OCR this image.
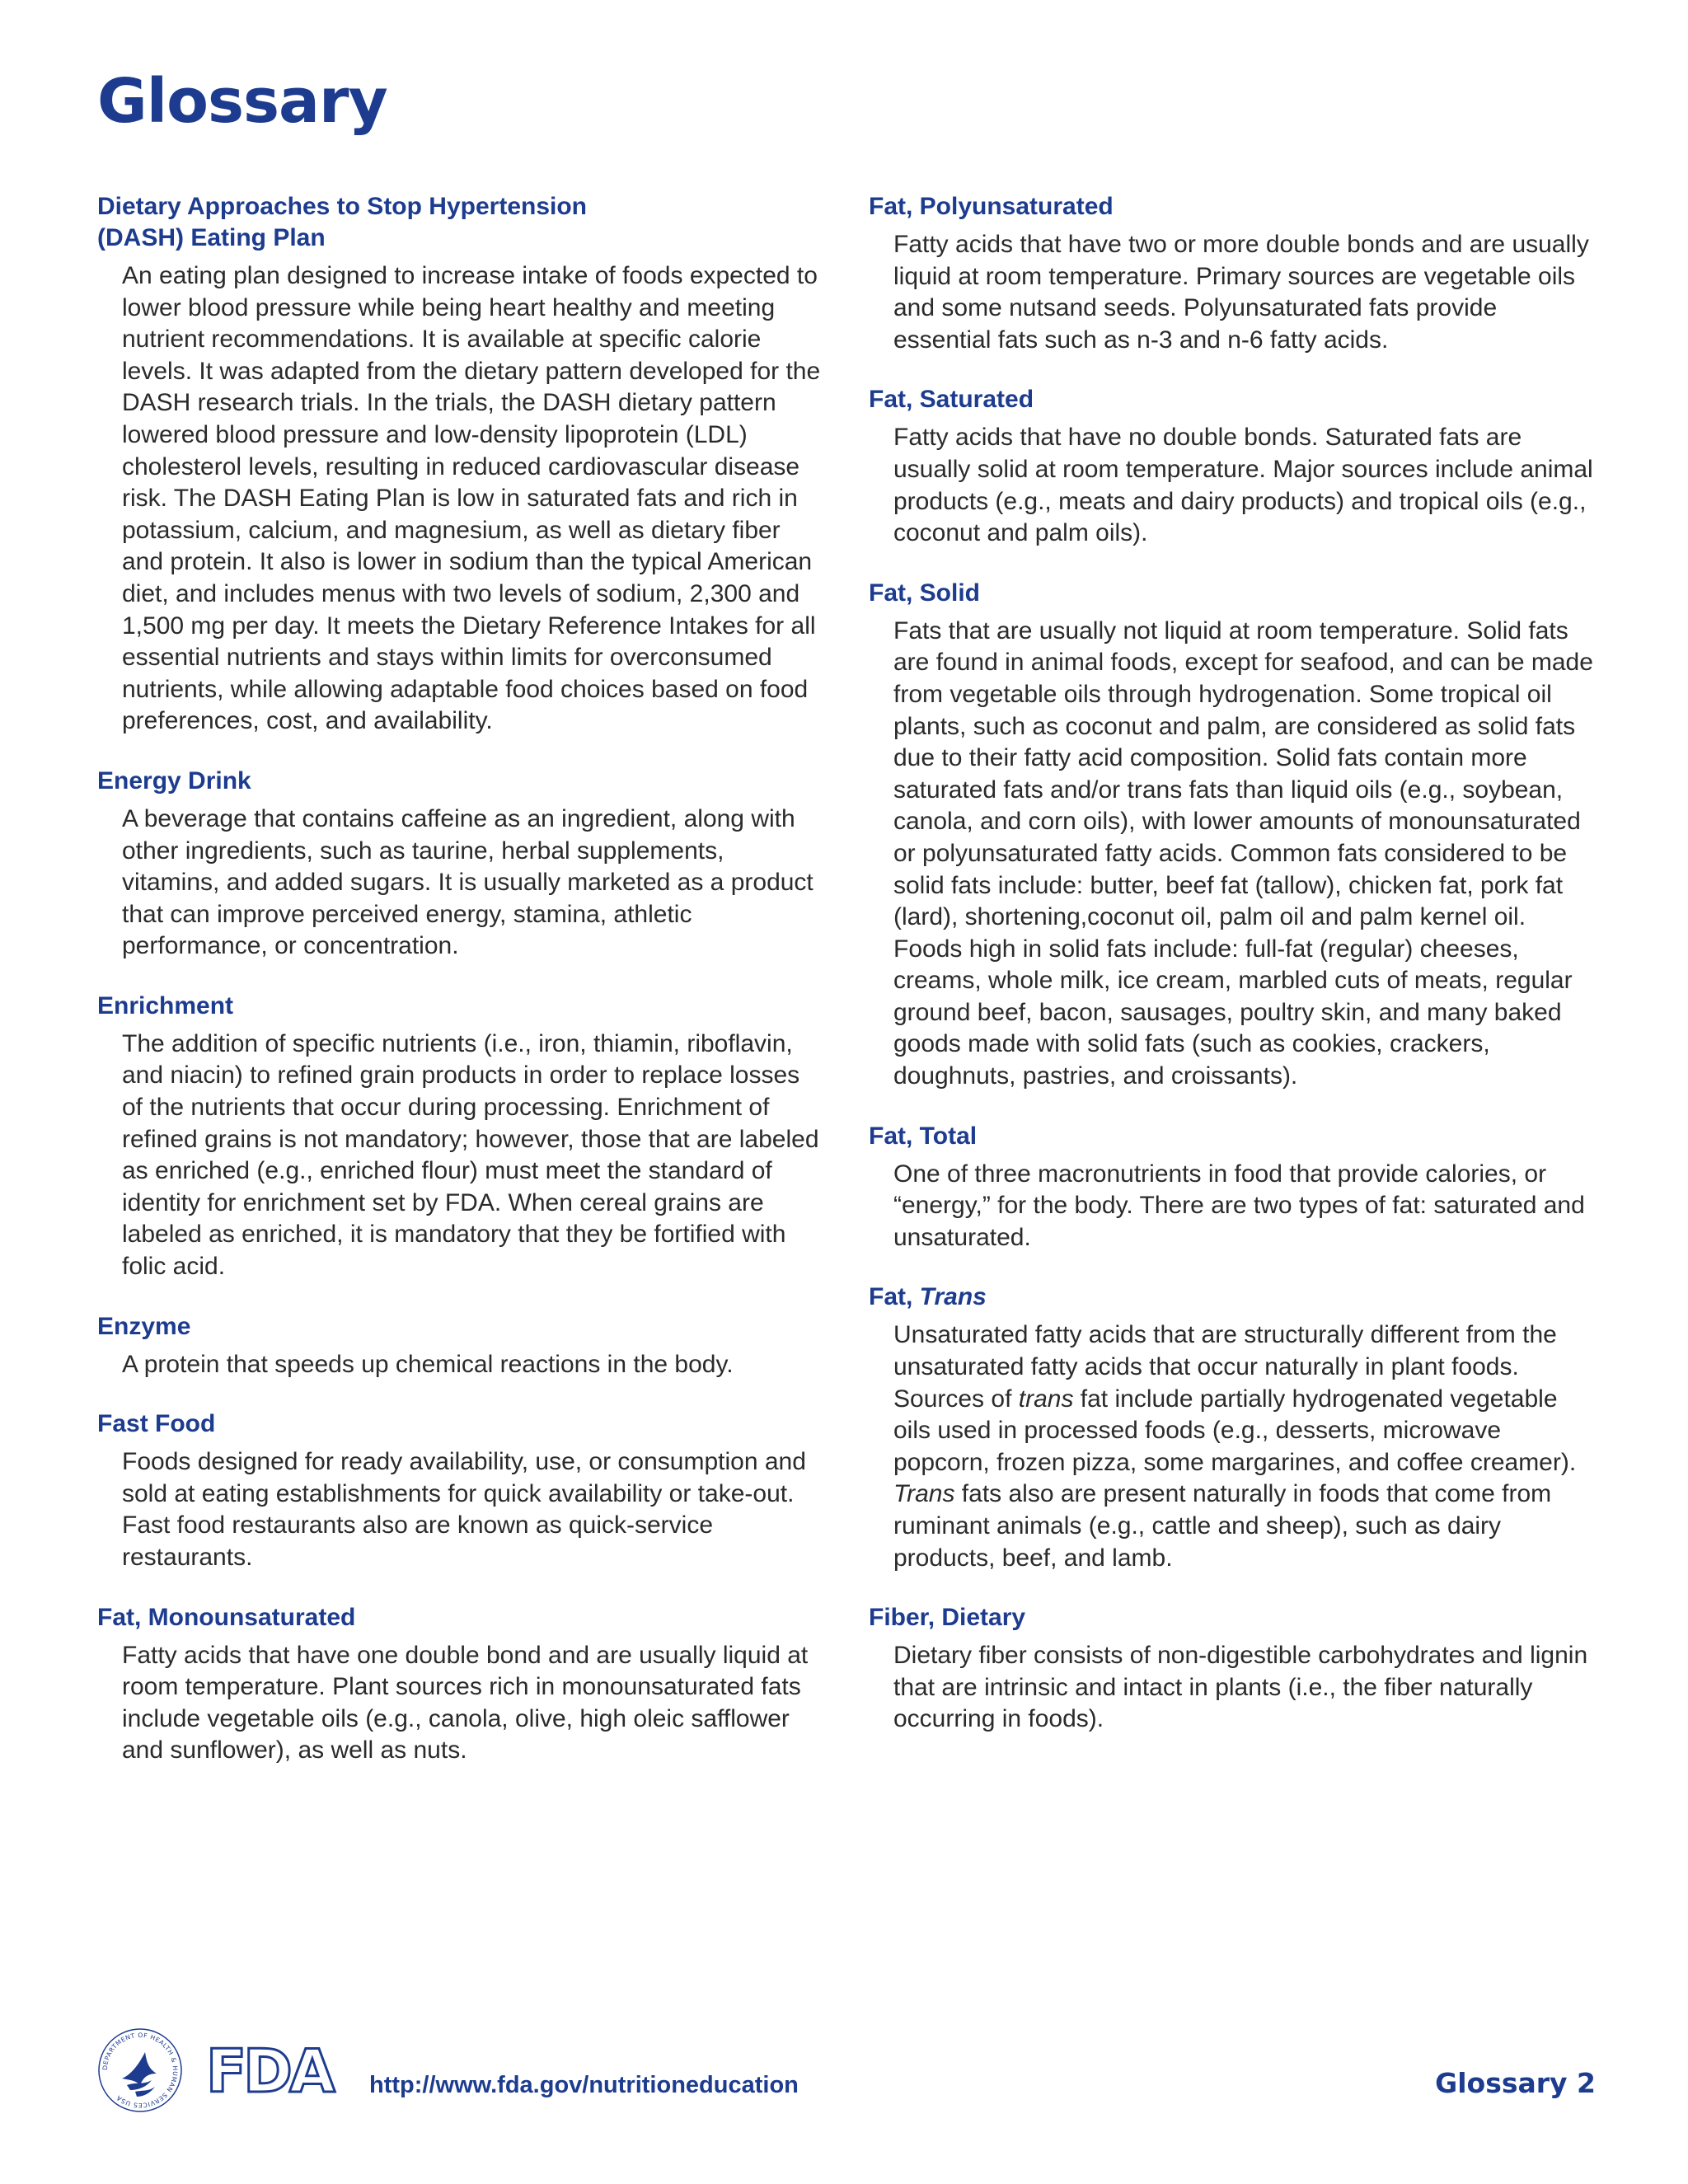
Glossary
Dietary Approaches to Stop Hypertension (DASH) Eating Plan

An eating plan designed to increase intake of foods expected to lower blood pressure while being heart healthy and meeting nutrient recommendations. It is available at specific calorie levels. It was adapted from the dietary pattern developed for the DASH research trials. In the trials, the DASH dietary pattern lowered blood pressure and low-density lipoprotein (LDL) cholesterol levels, resulting in reduced cardiovascular disease risk. The DASH Eating Plan is low in saturated fats and rich in potassium, calcium, and magnesium, as well as dietary fiber and protein. It also is lower in sodium than the typical American diet, and includes menus with two levels of sodium, 2,300 and 1,500 mg per day. It meets the Dietary Reference Intakes for all essential nutrients and stays within limits for overconsumed nutrients, while allowing adaptable food choices based on food preferences, cost, and availability.

Energy Drink

A beverage that contains caffeine as an ingredient, along with other ingredients, such as taurine, herbal supplements, vitamins, and added sugars. It is usually marketed as a product that can improve perceived energy, stamina, athletic performance, or concentration.

Enrichment

The addition of specific nutrients (i.e., iron, thiamin, riboflavin, and niacin) to refined grain products in order to replace losses of the nutrients that occur during processing. Enrichment of refined grains is not mandatory; however, those that are labeled as enriched (e.g., enriched flour) must meet the standard of identity for enrichment set by FDA. When cereal grains are labeled as enriched, it is mandatory that they be fortified with folic acid.

Enzyme

A protein that speeds up chemical reactions in the body.

Fast Food

Foods designed for ready availability, use, or consumption and sold at eating establishments for quick availability or take-out. Fast food restaurants also are known as quick-service restaurants.

Fat, Monounsaturated

Fatty acids that have one double bond and are usually liquid at room temperature. Plant sources rich in monounsaturated fats include vegetable oils (e.g., canola, olive, high oleic safflower and sunflower), as well as nuts.

Fat, Polyunsaturated

Fatty acids that have two or more double bonds and are usually liquid at room temperature. Primary sources are vegetable oils and some nutsand seeds. Polyunsaturated fats provide essential fats such as n-3 and n-6 fatty acids.

Fat, Saturated

Fatty acids that have no double bonds. Saturated fats are usually solid at room temperature. Major sources include animal products (e.g., meats and dairy products) and tropical oils (e.g., coconut and palm oils).

Fat, Solid

Fats that are usually not liquid at room temperature. Solid fats are found in animal foods, except for seafood, and can be made from vegetable oils through hydrogenation. Some tropical oil plants, such as coconut and palm, are considered as solid fats due to their fatty acid composition. Solid fats contain more saturated fats and/or trans fats than liquid oils (e.g., soybean, canola, and corn oils), with lower amounts of monounsaturated or polyunsaturated fatty acids. Common fats considered to be solid fats include: butter, beef fat (tallow), chicken fat, pork fat (lard), shortening,coconut oil, palm oil and palm kernel oil. Foods high in solid fats include: full-fat (regular) cheeses, creams, whole milk, ice cream, marbled cuts of meats, regular ground beef, bacon, sausages, poultry skin, and many baked goods made with solid fats (such as cookies, crackers, doughnuts, pastries, and croissants).

Fat, Total

One of three macronutrients in food that provide calories, or “energy,” for the body. There are two types of fat: saturated and unsaturated.

Fat, Trans

Unsaturated fatty acids that are structurally different from the unsaturated fatty acids that occur naturally in plant foods. Sources of trans fat include partially hydrogenated vegetable oils used in processed foods (e.g., desserts, microwave popcorn, frozen pizza, some margarines, and coffee creamer). Trans fats also are present naturally in foods that come from ruminant animals (e.g., cattle and sheep), such as dairy products, beef, and lamb.

Fiber, Dietary

Dietary fiber consists of non-digestible carbohydrates and lignin that are intrinsic and intact in plants (i.e., the fiber naturally occurring in foods).

DEPARTMENT OF HEALTH & HUMAN SERVICES USA	FDA http://www.fda.gov/nutritioneducation	Glossary 2
